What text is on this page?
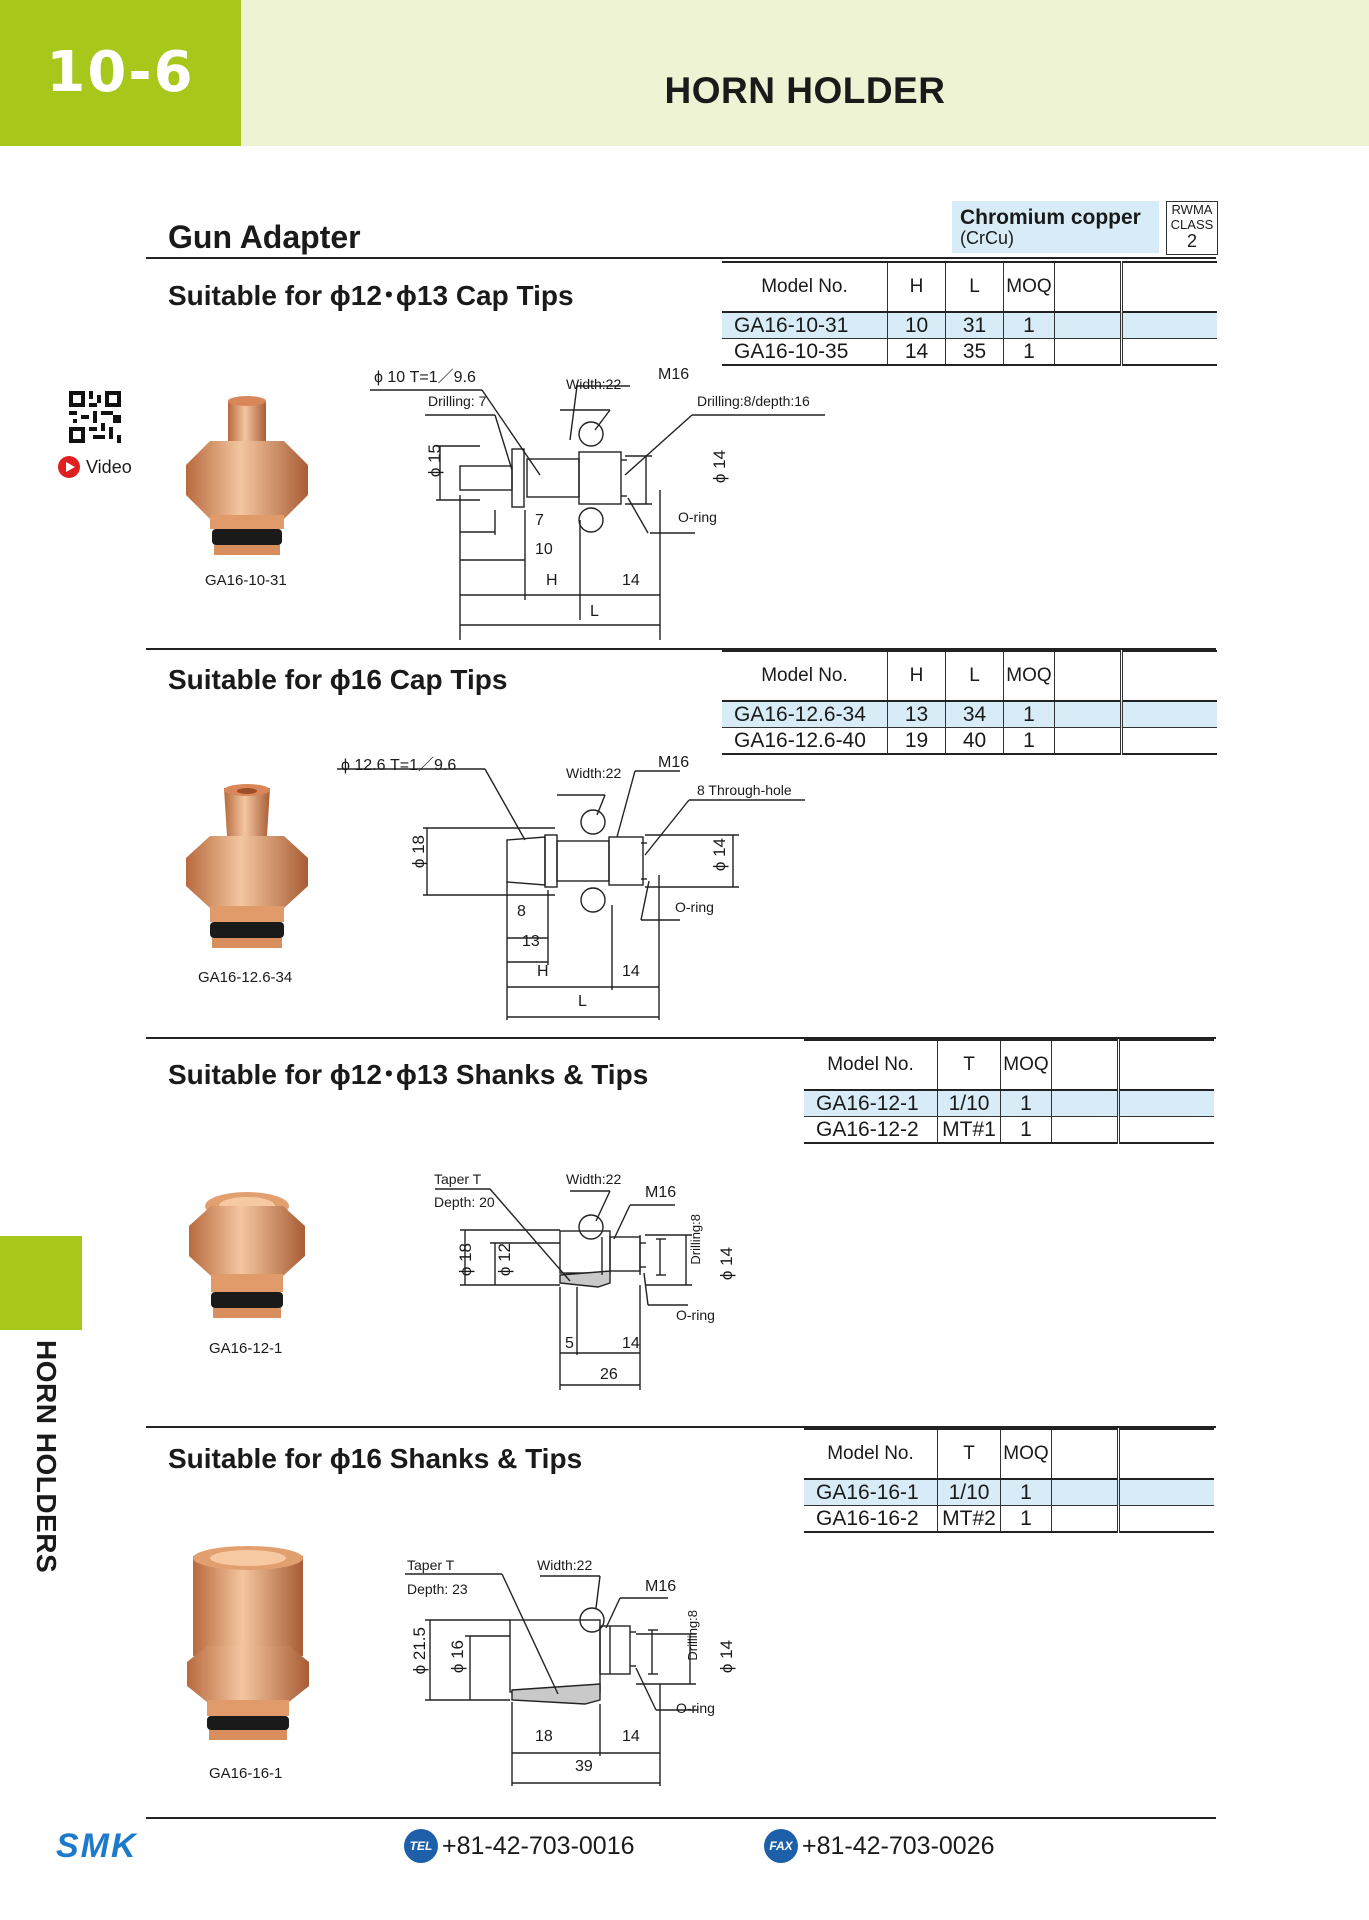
10-6	HORN HOLDER
HORN HOLDERS
Video
Chromium copper
(CrCu)
RWMA
CLASS
2
Gun Adapter
Suitable for ϕ12･ϕ13 Cap Tips	Model No.	H	L	MOQ		
GA16-10-31	10	31	1		
GA16-10-35	14	35	1		
GA16-10-31
ϕ 10 T=1／9.6
Drilling: 7
Width:22
M16
Drilling:8/depth:16
ϕ 15	ϕ 14
O-ring
7
10
H	14
L
Suitable for ϕ16 Cap Tips	Model No.	H	L	MOQ		
GA16-12.6-34	13	34	1		
GA16-12.6-40	19	40	1		
GA16-12.6-34
ϕ 12.6 T=1／9.6	Width:22
M16
8 Through-hole
ϕ 18	ϕ 14
O-ring
8
13
H	14
L
Suitable for ϕ12･ϕ13 Shanks & Tips	Model No.	T	MOQ		
GA16-12-1	1/10	1		
GA16-12-2	MT#1	1		
GA16-12-1
Taper T
Depth: 20
Width:22
M16
Drilling:8
ϕ 18 ϕ 12	ϕ 14
O-ring
5	14
26
Suitable for ϕ16 Shanks & Tips	Model No.	T	MOQ		
GA16-16-1	1/10	1		
GA16-16-2	MT#2	1		
GA16-16-1
Taper T
Depth: 23
Width:22
M16
Drilling:8
ϕ 21.5 ϕ 16	ϕ 14
O-ring
18	14
39
SMK	TEL +81-42-703-0016	FAX +81-42-703-0026
